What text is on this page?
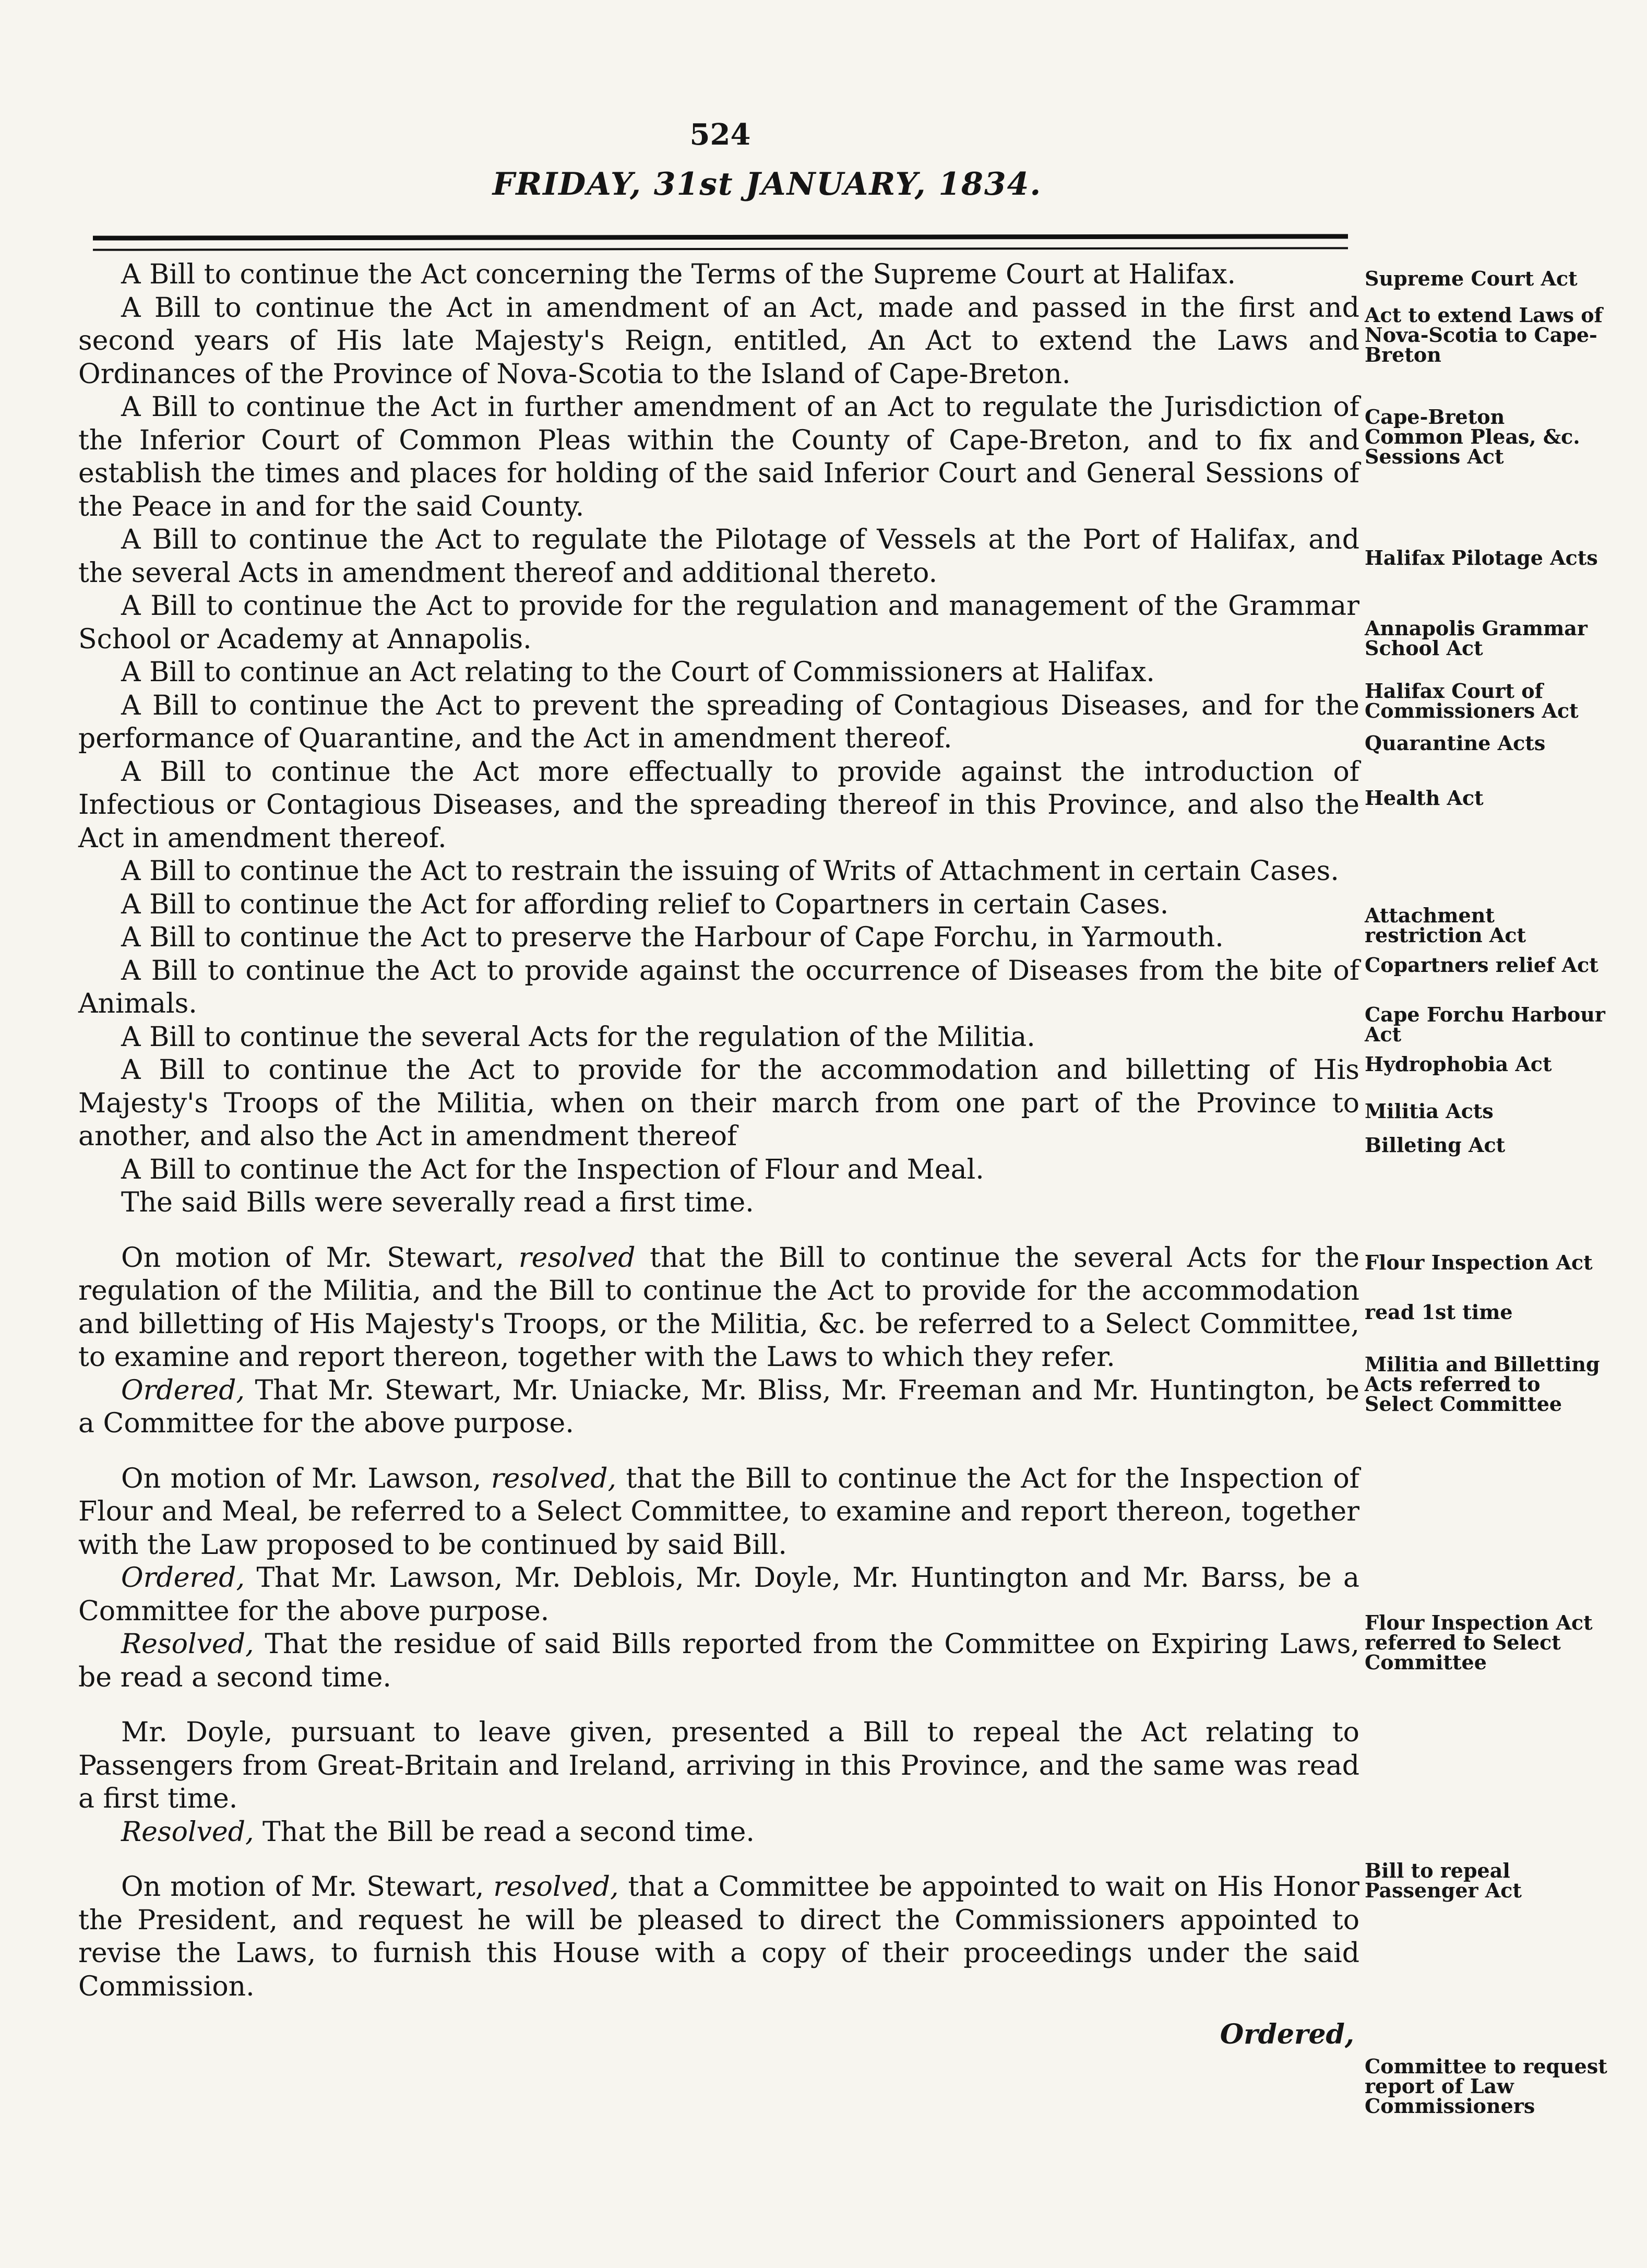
524
FRIDAY, 31st JANUARY, 1834.

A Bill to continue the Act concerning the Terms of the Supreme Court at Halifax.

A Bill to continue the Act in amendment of an Act, made and passed in the first and second years of His late Majesty's Reign, entitled, An Act to extend the Laws and Ordinances of the Province of Nova-Scotia to the Island of Cape-Breton.

A Bill to continue the Act in further amendment of an Act to regulate the Jurisdiction of the Inferior Court of Common Pleas within the County of Cape-Breton, and to fix and establish the times and places for holding of the said Inferior Court and General Sessions of the Peace in and for the said County.

A Bill to continue the Act to regulate the Pilotage of Vessels at the Port of Halifax, and the several Acts in amendment thereof and additional thereto.

A Bill to continue the Act to provide for the regulation and management of the Grammar School or Academy at Annapolis.

A Bill to continue an Act relating to the Court of Commissioners at Halifax.

A Bill to continue the Act to prevent the spreading of Contagious Diseases, and for the performance of Quarantine, and the Act in amendment thereof.

A Bill to continue the Act more effectually to provide against the introduction of Infectious or Contagious Diseases, and the spreading thereof in this Province, and also the Act in amendment thereof.

A Bill to continue the Act to restrain the issuing of Writs of Attachment in certain Cases.

A Bill to continue the Act for affording relief to Copartners in certain Cases.

A Bill to continue the Act to preserve the Harbour of Cape Forchu, in Yarmouth.

A Bill to continue the Act to provide against the occurrence of Diseases from the bite of Animals.

A Bill to continue the several Acts for the regulation of the Militia.

A Bill to continue the Act to provide for the accommodation and billetting of His Majesty's Troops of the Militia, when on their march from one part of the Province to another, and also the Act in amendment thereof

A Bill to continue the Act for the Inspection of Flour and Meal.

The said Bills were severally read a first time.

On motion of Mr. Stewart, resolved that the Bill to continue the several Acts for the regulation of the Militia, and the Bill to continue the Act to provide for the accommodation and billetting of His Majesty's Troops, or the Militia, &c. be referred to a Select Committee, to examine and report thereon, together with the Laws to which they refer.

Ordered, That Mr. Stewart, Mr. Uniacke, Mr. Bliss, Mr. Freeman and Mr. Huntington, be a Committee for the above purpose.

On motion of Mr. Lawson, resolved, that the Bill to continue the Act for the Inspection of Flour and Meal, be referred to a Select Committee, to examine and report thereon, together with the Law proposed to be continued by said Bill.

Ordered, That Mr. Lawson, Mr. Deblois, Mr. Doyle, Mr. Huntington and Mr. Barss, be a Committee for the above purpose.

Resolved, That the residue of said Bills reported from the Committee on Expiring Laws, be read a second time.

Mr. Doyle, pursuant to leave given, presented a Bill to repeal the Act relating to Passengers from Great-Britain and Ireland, arriving in this Province, and the same was read a first time.

Resolved, That the Bill be read a second time.

On motion of Mr. Stewart, resolved, that a Committee be appointed to wait on His Honor the President, and request he will be pleased to direct the Commissioners appointed to revise the Laws, to furnish this House with a copy of their proceedings under the said Commission.

Ordered,

Supreme Court Act

Act to extend Laws of Nova-Scotia to Cape-Breton

Cape-Breton Common Pleas, &c. Sessions Act

Halifax Pilotage Acts

Annapolis Grammar School Act

Halifax Court of Commissioners Act

Quarantine Acts

Health Act

Attachment restriction Act

Copartners relief Act

Cape Forchu Harbour Act

Hydrophobia Act

Militia Acts

Billeting Act

Flour Inspection Act

read 1st time

Militia and Billetting Acts referred to Select Committee

Flour Inspection Act referred to Select Committee

Bill to repeal Passenger Act

Committee to request report of Law Commissioners
